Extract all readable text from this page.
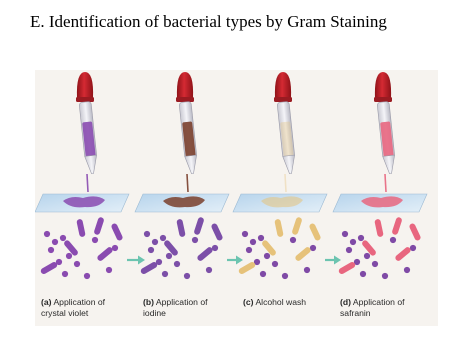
E. Identification of bacterial types by Gram Staining
(a) Application of
crystal violet
(b) Application of
iodine
(c) Alcohol wash	(d) Application of
safranin
